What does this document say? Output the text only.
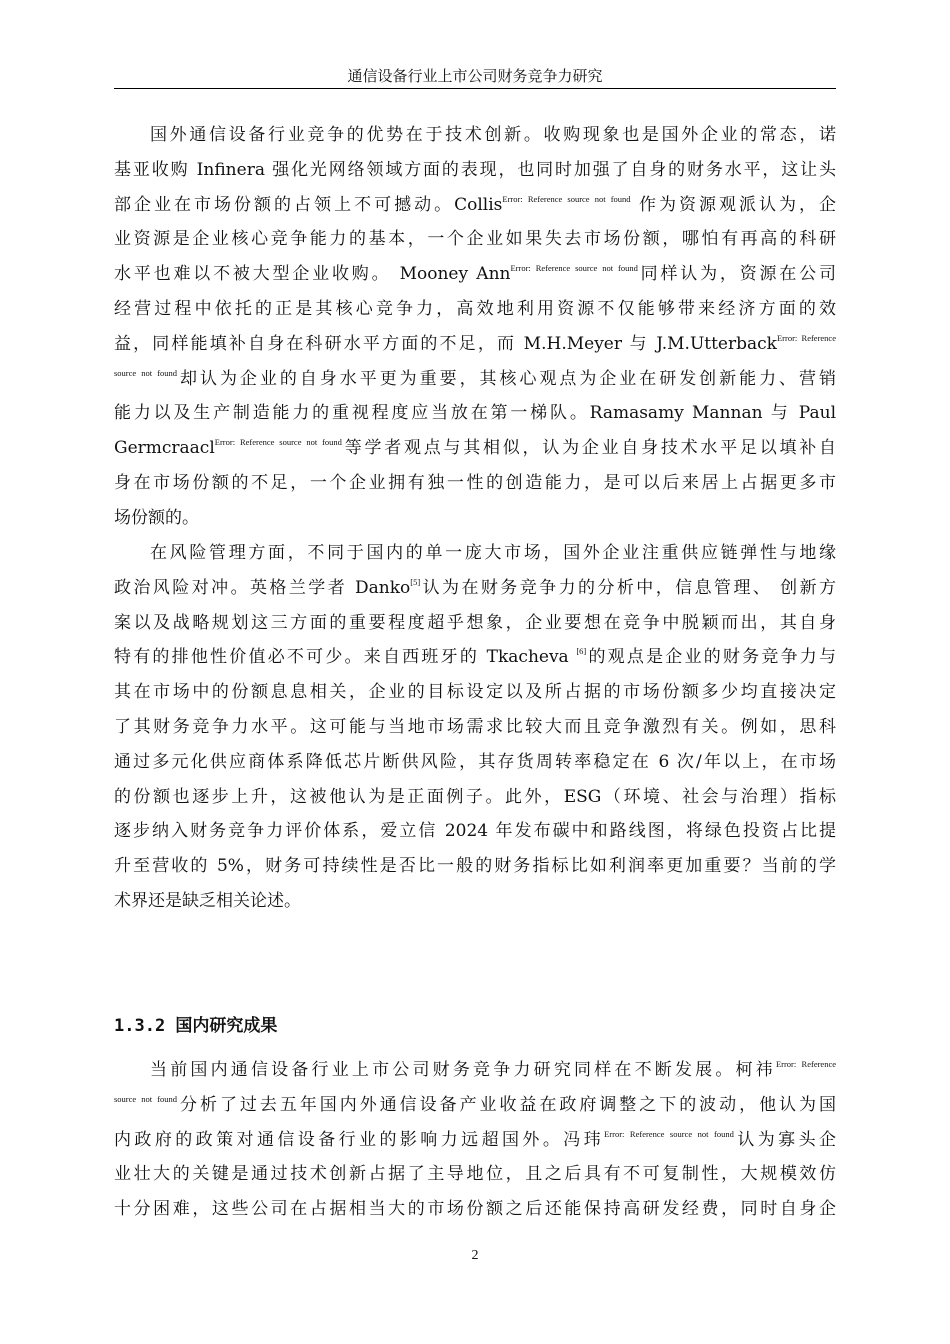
通信设备行业上市公司财务竞争力研究
国外通信设备行业竞争的优势在于技术创新。收购现象也是国外企业的常态，诺
基亚收购 Infinera 强化光网络领域方面的表现，也同时加强了自身的财务水平，这让头
部企业在市场份额的占领上不可撼动。Collis$^{Error: Reference source not found}$ 作为资源观派认为，企
业资源是企业核心竞争能力的基本，一个企业如果失去市场份额，哪怕有再高的科研
水平也难以不被大型企业收购。 Mooney Ann$^{Error: Reference source not found}$同样认为，资源在公司
经营过程中依托的正是其核心竞争力，高效地利用资源不仅能够带来经济方面的效
益，同样能填补自身在科研水平方面的不足，而 M.H.Meyer 与 J.M.Utterback$^{Error: Reference}$
$^{source not found}$却认为企业的自身水平更为重要，其核心观点为企业在研发创新能力、营销
能力以及生产制造能力的重视程度应当放在第一梯队。Ramasamy Mannan 与 Paul
Germcraacl$^{Error: Reference source not found}$等学者观点与其相似，认为企业自身技术水平足以填补自
身在市场份额的不足，一个企业拥有独一性的创造能力，是可以后来居上占据更多市
场份额的。
在风险管理方面，不同于国内的单一庞大市场，国外企业注重供应链弹性与地缘
政治风险对冲。英格兰学者 Danko[5]认为在财务竞争力的分析中，信息管理、 创新方
案以及战略规划这三方面的重要程度超乎想象，企业要想在竞争中脱颖而出，其自身
特有的排他性价值必不可少。来自西班牙的 Tkacheva [6]的观点是企业的财务竞争力与
其在市场中的份额息息相关，企业的目标设定以及所占据的市场份额多少均直接决定
了其财务竞争力水平。这可能与当地市场需求比较大而且竞争激烈有关。例如，思科
通过多元化供应商体系降低芯片断供风险，其存货周转率稳定在 6 次/年以上，在市场
的份额也逐步上升，这被他认为是正面例子。此外，ESG（环境、社会与治理）指标
逐步纳入财务竞争力评价体系，爱立信 2024 年发布碳中和路线图，将绿色投资占比提
升至营收的 5%，财务可持续性是否比一般的财务指标比如利润率更加重要？当前的学
术界还是缺乏相关论述。
1.3.2 国内研究成果
当前国内通信设备行业上市公司财务竞争力研究同样在不断发展。柯祎$^{Error: Reference}$
$^{source not found}$分析了过去五年国内外通信设备产业收益在政府调整之下的波动，他认为国
内政府的政策对通信设备行业的影响力远超国外。冯玮$^{Error: Reference source not found}$认为寡头企
业壮大的关键是通过技术创新占据了主导地位，且之后具有不可复制性，大规模效仿
十分困难，这些公司在占据相当大的市场份额之后还能保持高研发经费，同时自身企
2
